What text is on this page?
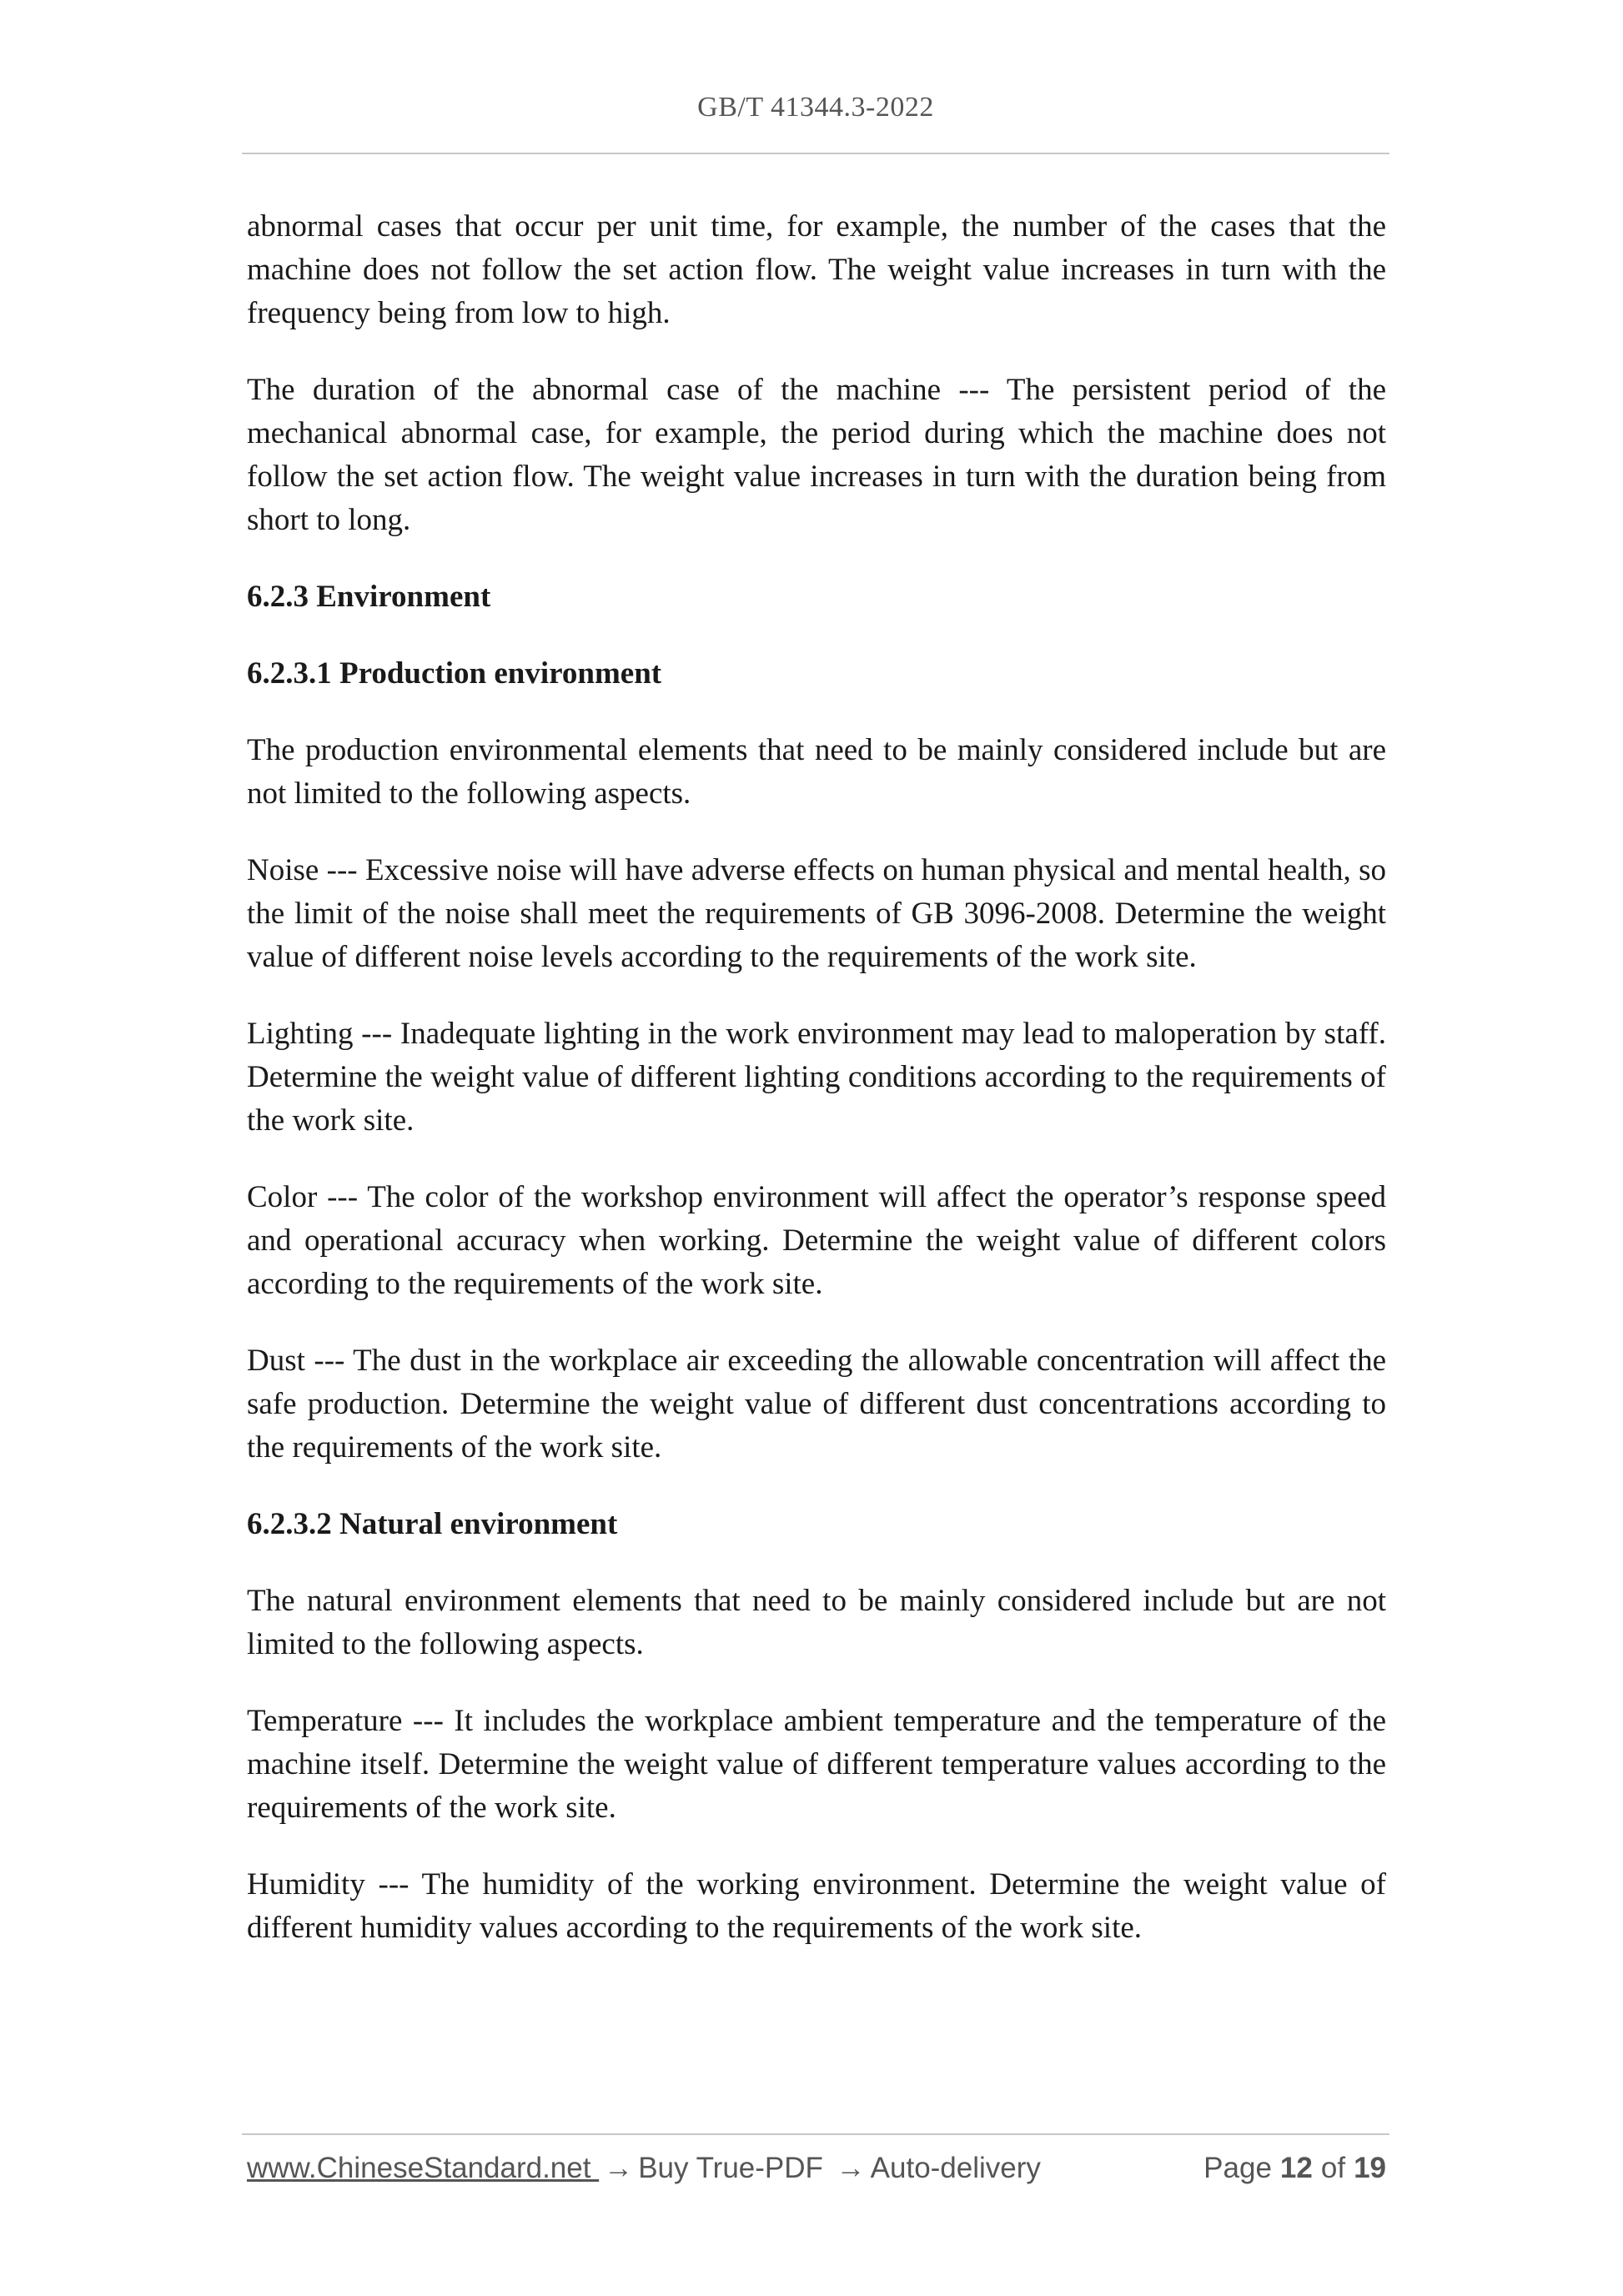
GB/T 41344.3-2022

abnormal cases that occur per unit time, for example, the number of the cases that the machine does not follow the set action flow. The weight value increases in turn with the frequency being from low to high.

The duration of the abnormal case of the machine --- The persistent period of the mechanical abnormal case, for example, the period during which the machine does not follow the set action flow. The weight value increases in turn with the duration being from short to long.

6.2.3 Environment

6.2.3.1 Production environment

The production environmental elements that need to be mainly considered include but are not limited to the following aspects.

Noise --- Excessive noise will have adverse effects on human physical and mental health, so the limit of the noise shall meet the requirements of GB 3096-2008. Determine the weight value of different noise levels according to the requirements of the work site.

Lighting --- Inadequate lighting in the work environment may lead to maloperation by staff. Determine the weight value of different lighting conditions according to the requirements of the work site.

Color --- The color of the workshop environment will affect the operator’s response speed and operational accuracy when working. Determine the weight value of different colors according to the requirements of the work site.

Dust --- The dust in the workplace air exceeding the allowable concentration will affect the safe production. Determine the weight value of different dust concentrations according to the requirements of the work site.

6.2.3.2 Natural environment

The natural environment elements that need to be mainly considered include but are not limited to the following aspects.

Temperature --- It includes the workplace ambient temperature and the temperature of the machine itself. Determine the weight value of different temperature values according to the requirements of the work site.

Humidity --- The humidity of the working environment. Determine the weight value of different humidity values according to the requirements of the work site.

www.ChineseStandard.net → Buy True-PDF → Auto-delivery	Page 12 of 19
